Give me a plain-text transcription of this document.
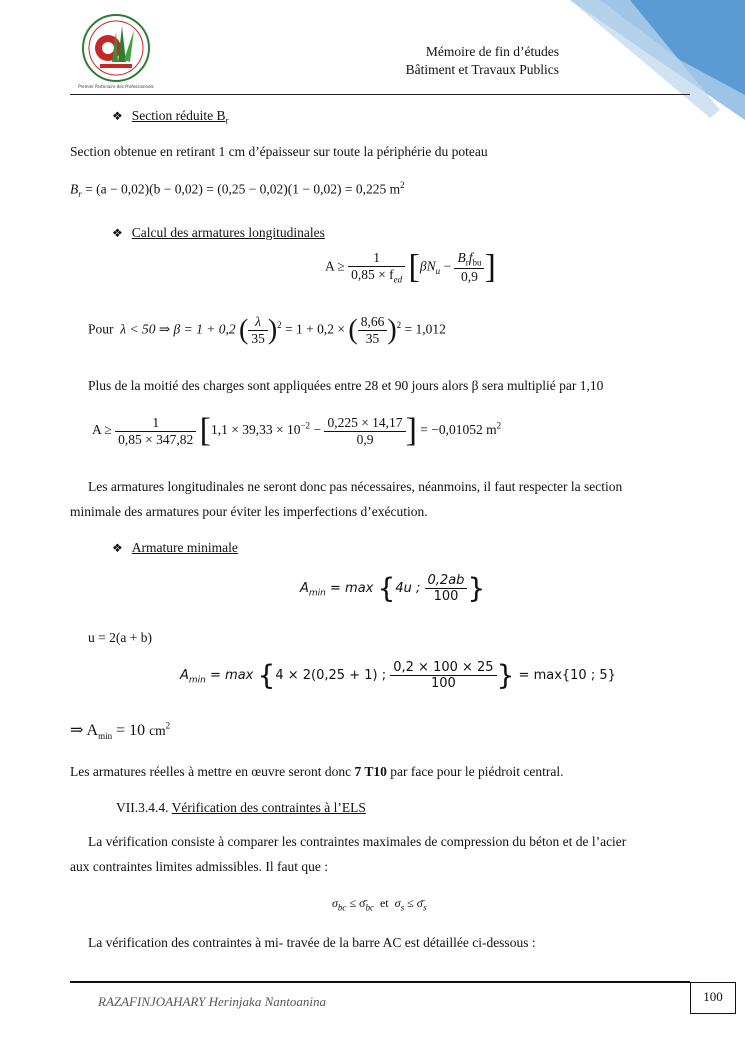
Premier Partenaire des Professionnels
Mémoire de fin d’études
Bâtiment et Travaux Publics
❖ Section réduite $B_r$
Section obtenue en retirant 1 cm d’épaisseur sur toute la périphérie du poteau
$B_r = (a - 0,02)(b - 0,02) = (0,25 - 0,02)(1 - 0,02) = 0,225$ $m^2$
❖ Calcul des armatures longitudinales
$A \ge \frac{1}{0,85 \times f_{ed}} [\beta N_u - \frac{B_rf_{bu}}{0,9}$ ]
Pour λ < 50 ⇒ β = 1 + 0,2 ( $\frac{\lambda}{35} )^2 = 1 + 0,2$ × ( $\frac{8,66}{35} )^2 = 1,012$
Plus de la moitié des charges sont appliquées entre 28 et 90 jours alors β sera multiplié par 1,10
$A \ge \frac{1}{0,85 \times 347,82} [1,1 \times 39,33 \times 10^{-2} - \frac{0,225 \times 14,17}{0,9}$ ] = −0,01052 $m^2$
Les armatures longitudinales ne seront donc pas nécessaires, néanmoins, il faut respecter la section
minimale des armatures pour éviter les imperfections d’exécution.
❖ Armature minimale
$A_{min} = \max \{4u$ ; $\frac{0,2ab}{100}$ }
u = 2(a + b)
$A_{min} = \max \{4 \times 2(0,25 + 1)$ ; $\frac{0,2 \times 100 \times 25}{100}$ } = max{10 ; 5}
⇒ $A_{min} = 10$ $cm^2$
Les armatures réelles à mettre en œuvre seront donc 7 T10 par face pour le piédroit central.
VII.3.4.4. Vérification des contraintes à l’ELS
La vérification consiste à comparer les contraintes maximales de compression du béton et de l’acier
aux contraintes limites admissibles. Il faut que :
$\sigma_{bc}$ ≤ $\sigmā_{bc}$ et $\sigma_s$ ≤ $\sigmā_s$
La vérification des contraintes à mi- travée de la barre AC est détaillée ci-dessous :
RAZAFINJOAHARY Herinjaka Nantoanina	100
